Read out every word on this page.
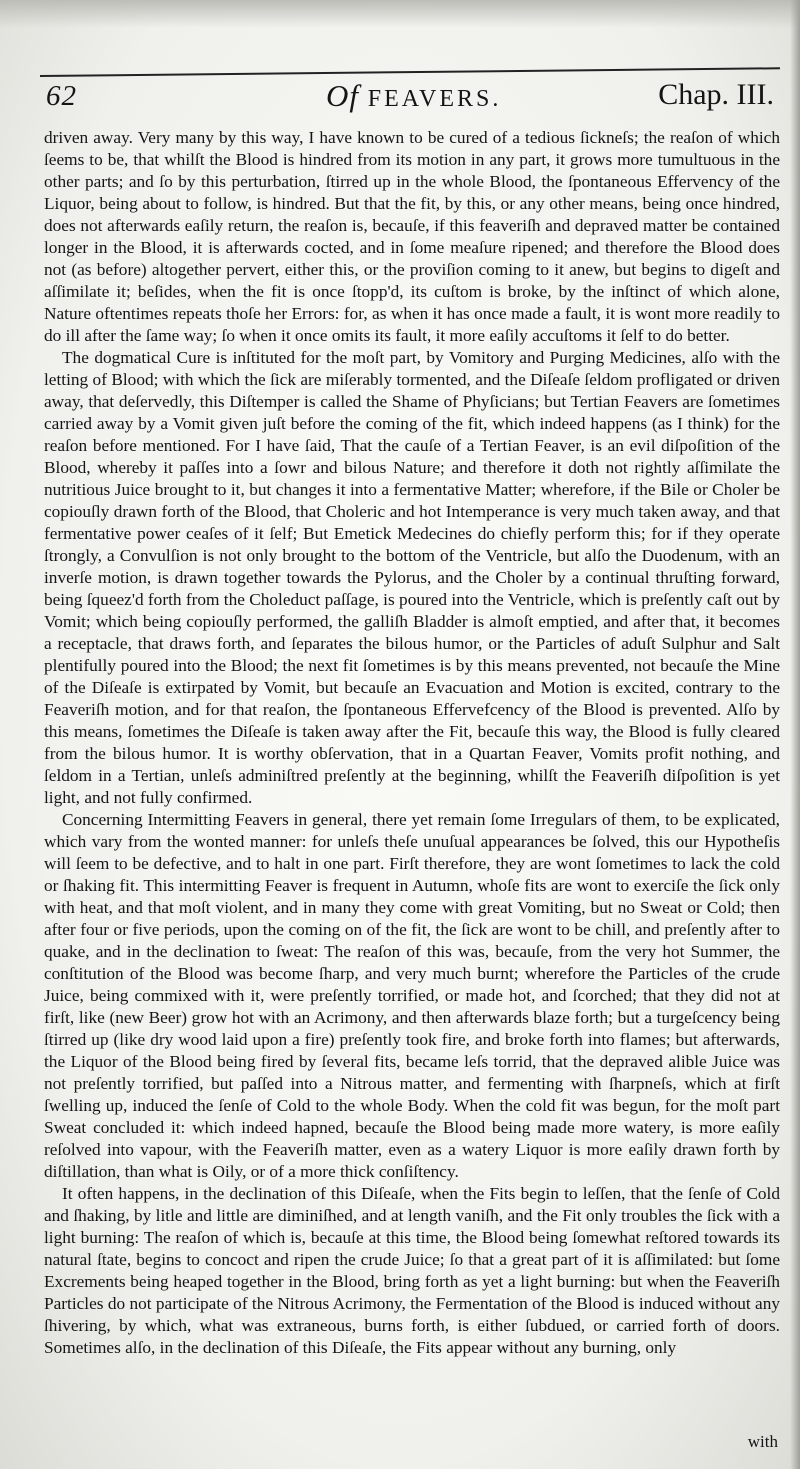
62	Of FEAVERS.	Chap. III.

driven away. Very many by this way, I have known to be cured of a tedious ſickneſs; the reaſon of which ſeems to be, that whilſt the Blood is hindred from its motion in any part, it grows more tumultuous in the other parts; and ſo by this perturbation, ſtirred up in the whole Blood, the ſpontaneous Effervency of the Liquor, being about to follow, is hindred. But that the fit, by this, or any other means, being once hindred, does not afterwards eaſily return, the reaſon is, becauſe, if this feaveriſh and depraved matter be contained longer in the Blood, it is afterwards cocted, and in ſome meaſure ripened; and therefore the Blood does not (as before) altogether pervert, either this, or the proviſion coming to it anew, but begins to digeſt and aſſimilate it; beſides, when the fit is once ſtopp'd, its cuſtom is broke, by the inſtinct of which alone, Nature oftentimes repeats thoſe her Errors: for, as when it has once made a fault, it is wont more readily to do ill after the ſame way; ſo when it once omits its fault, it more eaſily accuſtoms it ſelf to do better.

The dogmatical Cure is inſtituted for the moſt part, by Vomitory and Purging Medicines, alſo with the letting of Blood; with which the ſick are miſerably tormented, and the Diſeaſe ſeldom profligated or driven away, that deſervedly, this Diſtemper is called the Shame of Phyſicians; but Tertian Feavers are ſometimes carried away by a Vomit given juſt before the coming of the fit, which indeed happens (as I think) for the reaſon before mentioned. For I have ſaid, That the cauſe of a Tertian Feaver, is an evil diſpoſition of the Blood, whereby it paſſes into a ſowr and bilous Nature; and therefore it doth not rightly aſſimilate the nutritious Juice brought to it, but changes it into a fermentative Matter; wherefore, if the Bile or Choler be copiouſly drawn forth of the Blood, that Choleric and hot Intemperance is very much taken away, and that fermentative power ceaſes of it ſelf; But Emetick Medecines do chiefly perform this; for if they operate ſtrongly, a Convulſion is not only brought to the bottom of the Ventricle, but alſo the Duodenum, with an inverſe motion, is drawn together towards the Pylorus, and the Choler by a continual thruſting forward, being ſqueez'd forth from the Choleduct paſſage, is poured into the Ventricle, which is preſently caſt out by Vomit; which being copiouſly performed, the galliſh Bladder is almoſt emptied, and after that, it becomes a receptacle, that draws forth, and ſeparates the bilous humor, or the Particles of aduſt Sulphur and Salt plentifully poured into the Blood; the next fit ſometimes is by this means prevented, not becauſe the Mine of the Diſeaſe is extirpated by Vomit, but becauſe an Evacuation and Motion is excited, contrary to the Feaveriſh motion, and for that reaſon, the ſpontaneous Effervefcency of the Blood is prevented. Alſo by this means, ſometimes the Diſeaſe is taken away after the Fit, becauſe this way, the Blood is fully cleared from the bilous humor. It is worthy obſervation, that in a Quartan Feaver, Vomits profit nothing, and ſeldom in a Tertian, unleſs adminiſtred preſently at the beginning, whilſt the Feaveriſh diſpoſition is yet light, and not fully confirmed.

Concerning Intermitting Feavers in general, there yet remain ſome Irregulars of them, to be explicated, which vary from the wonted manner: for unleſs theſe unuſual appearances be ſolved, this our Hypotheſis will ſeem to be defective, and to halt in one part. Firſt therefore, they are wont ſometimes to lack the cold or ſhaking fit. This intermitting Feaver is frequent in Autumn, whoſe fits are wont to exerciſe the ſick only with heat, and that moſt violent, and in many they come with great Vomiting, but no Sweat or Cold; then after four or five periods, upon the coming on of the fit, the ſick are wont to be chill, and preſently after to quake, and in the declination to ſweat: The reaſon of this was, becauſe, from the very hot Summer, the conſtitution of the Blood was become ſharp, and very much burnt; wherefore the Particles of the crude Juice, being commixed with it, were preſently torrified, or made hot, and ſcorched; that they did not at firſt, like (new Beer) grow hot with an Acrimony, and then afterwards blaze forth; but a turgeſcency being ſtirred up (like dry wood laid upon a fire) preſently took fire, and broke forth into flames; but afterwards, the Liquor of the Blood being fired by ſeveral fits, became leſs torrid, that the depraved alible Juice was not preſently torrified, but paſſed into a Nitrous matter, and fermenting with ſharpneſs, which at firſt ſwelling up, induced the ſenſe of Cold to the whole Body. When the cold fit was begun, for the moſt part Sweat concluded it: which indeed hapned, becauſe the Blood being made more watery, is more eaſily reſolved into vapour, with the Feaveriſh matter, even as a watery Liquor is more eaſily drawn forth by diſtillation, than what is Oily, or of a more thick conſiſtency.

It often happens, in the declination of this Diſeaſe, when the Fits begin to leſſen, that the ſenſe of Cold and ſhaking, by litle and little are diminiſhed, and at length vaniſh, and the Fit only troubles the ſick with a light burning: The reaſon of which is, becauſe at this time, the Blood being ſomewhat reſtored towards its natural ſtate, begins to concoct and ripen the crude Juice; ſo that a great part of it is aſſimilated: but ſome Excrements being heaped together in the Blood, bring forth as yet a light burning: but when the Feaveriſh Particles do not participate of the Nitrous Acrimony, the Fermentation of the Blood is induced without any ſhivering, by which, what was extraneous, burns forth, is either ſubdued, or carried forth of doors. Sometimes alſo, in the declination of this Diſeaſe, the Fits appear without any burning, only

with
